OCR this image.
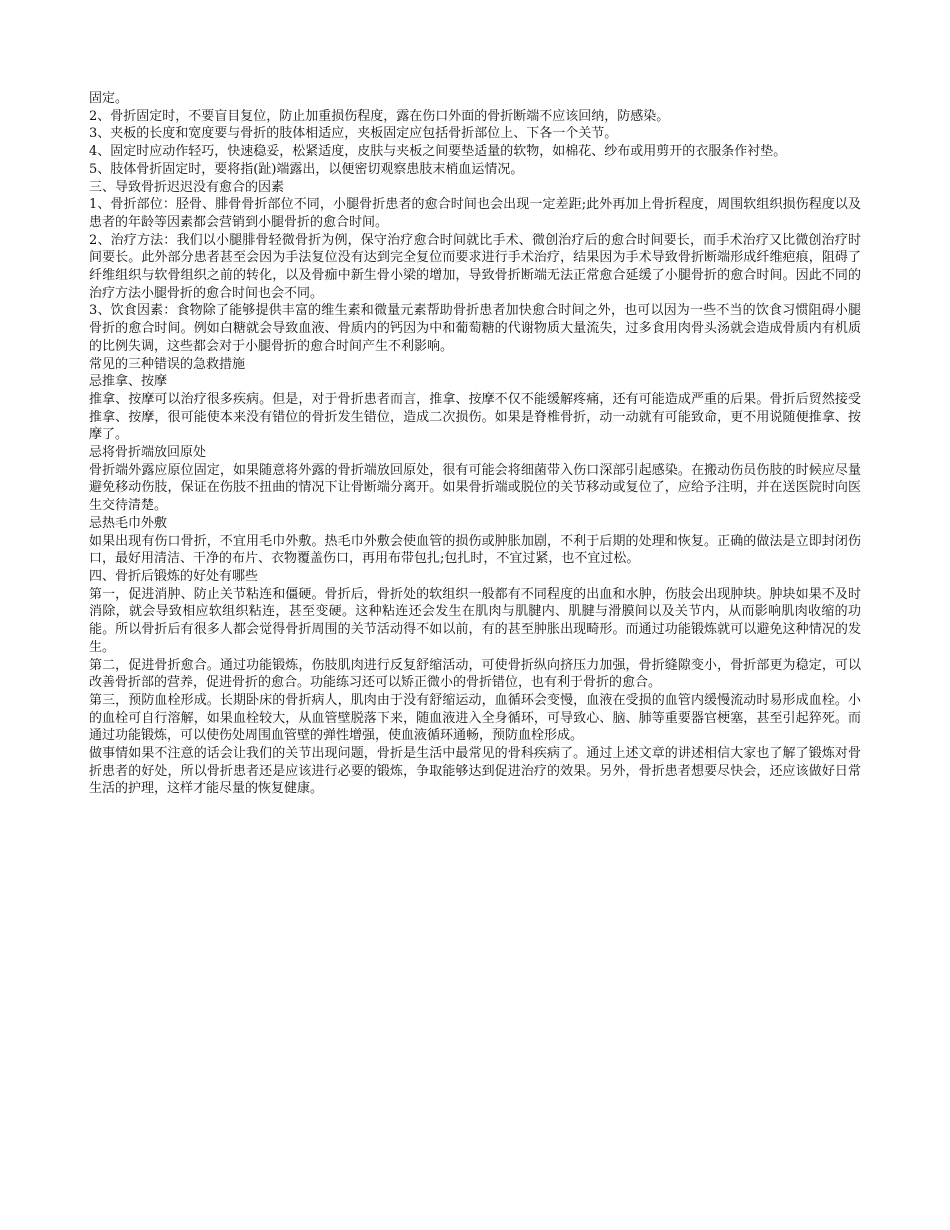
固定。

2、骨折固定时，不要盲目复位，防止加重损伤程度，露在伤口外面的骨折断端不应该回纳，防感染。

3、夹板的长度和宽度要与骨折的肢体相适应，夹板固定应包括骨折部位上、下各一个关节。

4、固定时应动作轻巧，快速稳妥，松紧适度，皮肤与夹板之间要垫适量的软物，如棉花、纱布或用剪开的衣服条作衬垫。

5、肢体骨折固定时，要将指(趾)端露出，以便密切观察患肢末梢血运情况。

三、导致骨折迟迟没有愈合的因素

1、骨折部位：胫骨、腓骨骨折部位不同，小腿骨折患者的愈合时间也会出现一定差距;此外再加上骨折程度，周围软组织损伤程度以及患者的年龄等因素都会营销到小腿骨折的愈合时间。

2、治疗方法：我们以小腿腓骨轻微骨折为例，保守治疗愈合时间就比手术、微创治疗后的愈合时间要长，而手术治疗又比微创治疗时间要长。此外部分患者甚至会因为手法复位没有达到完全复位而要求进行手术治疗，结果因为手术导致骨折断端形成纤维疤痕，阻碍了纤维组织与软骨组织之前的转化，以及骨痂中新生骨小梁的增加，导致骨折断端无法正常愈合延缓了小腿骨折的愈合时间。因此不同的治疗方法小腿骨折的愈合时间也会不同。

3、饮食因素：食物除了能够提供丰富的维生素和微量元素帮助骨折患者加快愈合时间之外，也可以因为一些不当的饮食习惯阻碍小腿骨折的愈合时间。例如白糖就会导致血液、骨质内的钙因为中和葡萄糖的代谢物质大量流失，过多食用肉骨头汤就会造成骨质内有机质的比例失调，这些都会对于小腿骨折的愈合时间产生不利影响。

常见的三种错误的急救措施

忌推拿、按摩

推拿、按摩可以治疗很多疾病。但是，对于骨折患者而言，推拿、按摩不仅不能缓解疼痛，还有可能造成严重的后果。骨折后贸然接受推拿、按摩，很可能使本来没有错位的骨折发生错位，造成二次损伤。如果是脊椎骨折，动一动就有可能致命，更不用说随便推拿、按摩了。

忌将骨折端放回原处

骨折端外露应原位固定，如果随意将外露的骨折端放回原处，很有可能会将细菌带入伤口深部引起感染。在搬动伤员伤肢的时候应尽量避免移动伤肢，保证在伤肢不扭曲的情况下让骨断端分离开。如果骨折端或脱位的关节移动或复位了，应给予注明，并在送医院时向医生交待清楚。

忌热毛巾外敷

如果出现有伤口骨折，不宜用毛巾外敷。热毛巾外敷会使血管的损伤或肿胀加剧，不利于后期的处理和恢复。正确的做法是立即封闭伤口，最好用清洁、干净的布片、衣物覆盖伤口，再用布带包扎;包扎时，不宜过紧，也不宜过松。

四、骨折后锻炼的好处有哪些

第一，促进消肿、防止关节粘连和僵硬。骨折后，骨折处的软组织一般都有不同程度的出血和水肿，伤肢会出现肿块。肿块如果不及时消除，就会导致相应软组织粘连，甚至变硬。这种粘连还会发生在肌肉与肌腱内、肌腱与滑膜间以及关节内，从而影响肌肉收缩的功能。所以骨折后有很多人都会觉得骨折周围的关节活动得不如以前，有的甚至肿胀出现畸形。而通过功能锻炼就可以避免这种情况的发生。

第二，促进骨折愈合。通过功能锻炼，伤肢肌肉进行反复舒缩活动，可使骨折纵向挤压力加强，骨折缝隙变小，骨折部更为稳定，可以改善骨折部的营养，促进骨折的愈合。功能练习还可以矫正微小的骨折错位，也有利于骨折的愈合。

第三，预防血栓形成。长期卧床的骨折病人，肌肉由于没有舒缩运动，血循环会变慢，血液在受损的血管内缓慢流动时易形成血栓。小的血栓可自行溶解，如果血栓较大，从血管壁脱落下来，随血液进入全身循环，可导致心、脑、肺等重要器官梗塞，甚至引起猝死。而通过功能锻炼，可以使伤处周围血管壁的弹性增强，使血液循环通畅，预防血栓形成。

做事情如果不注意的话会让我们的关节出现问题，骨折是生活中最常见的骨科疾病了。通过上述文章的讲述相信大家也了解了锻炼对骨折患者的好处，所以骨折患者还是应该进行必要的锻炼，争取能够达到促进治疗的效果。另外，骨折患者想要尽快会，还应该做好日常生活的护理，这样才能尽量的恢复健康。
